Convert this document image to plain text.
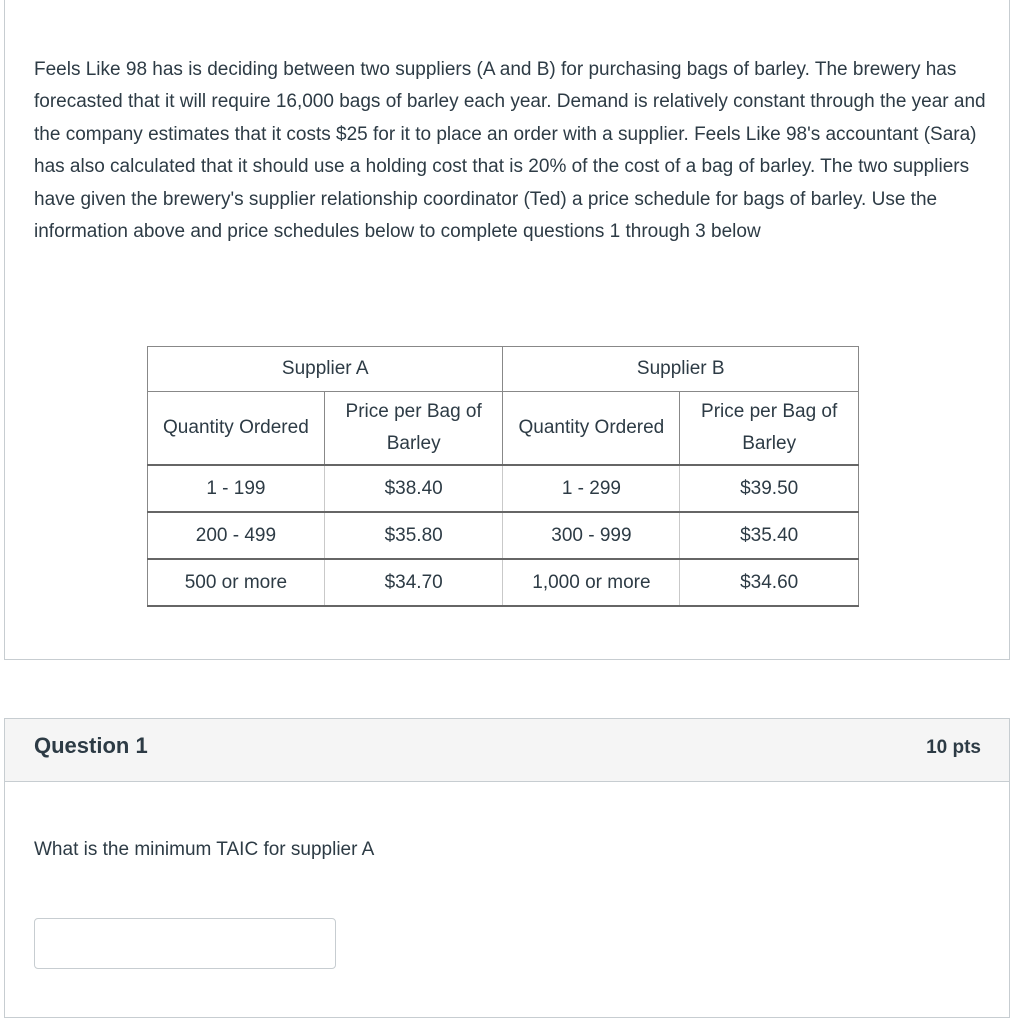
Feels Like 98 has is deciding between two suppliers (A and B) for purchasing bags of barley. The brewery has forecasted that it will require 16,000 bags of barley each year. Demand is relatively constant through the year and the company estimates that it costs $25 for it to place an order with a supplier. Feels Like 98's accountant (Sara) has also calculated that it should use a holding cost that is 20% of the cost of a bag of barley. The two suppliers have given the brewery's supplier relationship coordinator (Ted) a price schedule for bags of barley. Use the information above and price schedules below to complete questions 1 through 3 below

Supplier A		Supplier B	
Quantity Ordered	Price per Bag of Barley	Quantity Ordered	Price per Bag of Barley
1 - 199	$38.40	1 - 299	$39.50
200 - 499	$35.80	300 - 999	$35.40
500 or more	$34.70	1,000 or more	$34.60
Question 1	10 pts
What is the minimum TAIC for supplier A
